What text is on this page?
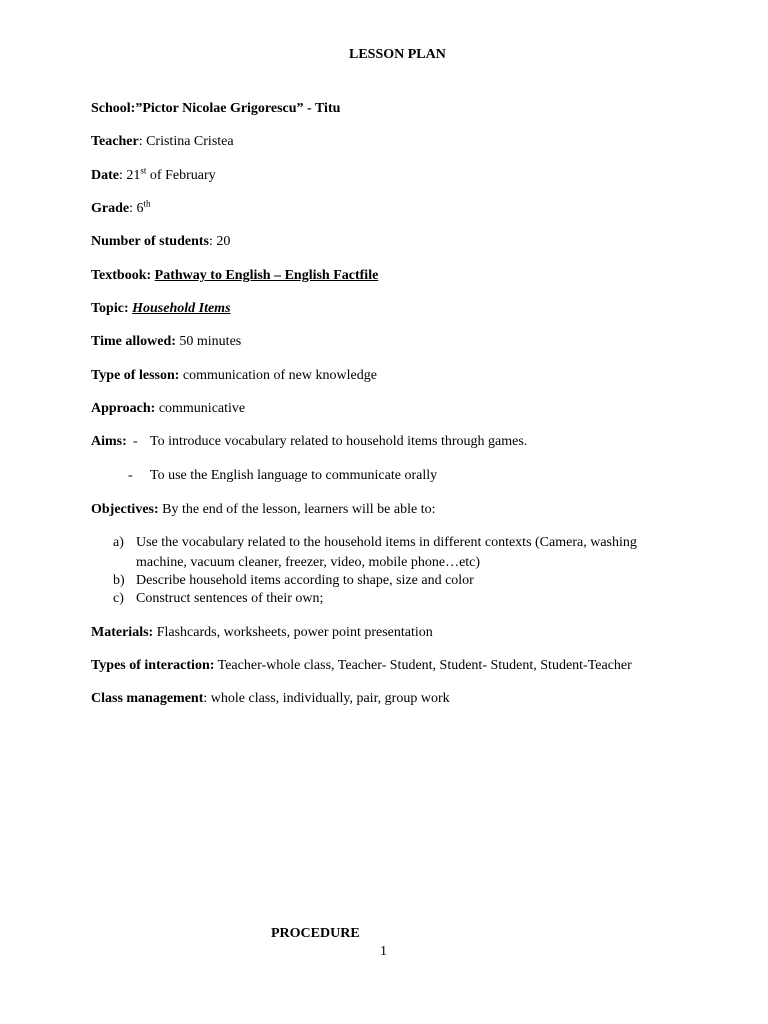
LESSON PLAN
School:”Pictor Nicolae Grigorescu” - Titu
Teacher: Cristina Cristea
Date: 21st of February
Grade: 6th
Number of students: 20
Textbook: Pathway to English – English Factfile
Topic: Household Items
Time allowed: 50 minutes
Type of lesson: communication of new knowledge
Approach: communicative
Aims: - To introduce vocabulary related to household items through games.
- To use the English language to communicate orally
Objectives: By the end of the lesson, learners will be able to:
a) Use the vocabulary related to the household items in different contexts (Camera, washing
machine, vacuum cleaner, freezer, video, mobile phone…etc)
b) Describe household items according to shape, size and color
c) Construct sentences of their own;
Materials: Flashcards, worksheets, power point presentation
Types of interaction: Teacher-whole class, Teacher- Student, Student- Student, Student-Teacher
Class management: whole class, individually, pair, group work
PROCEDURE
1
